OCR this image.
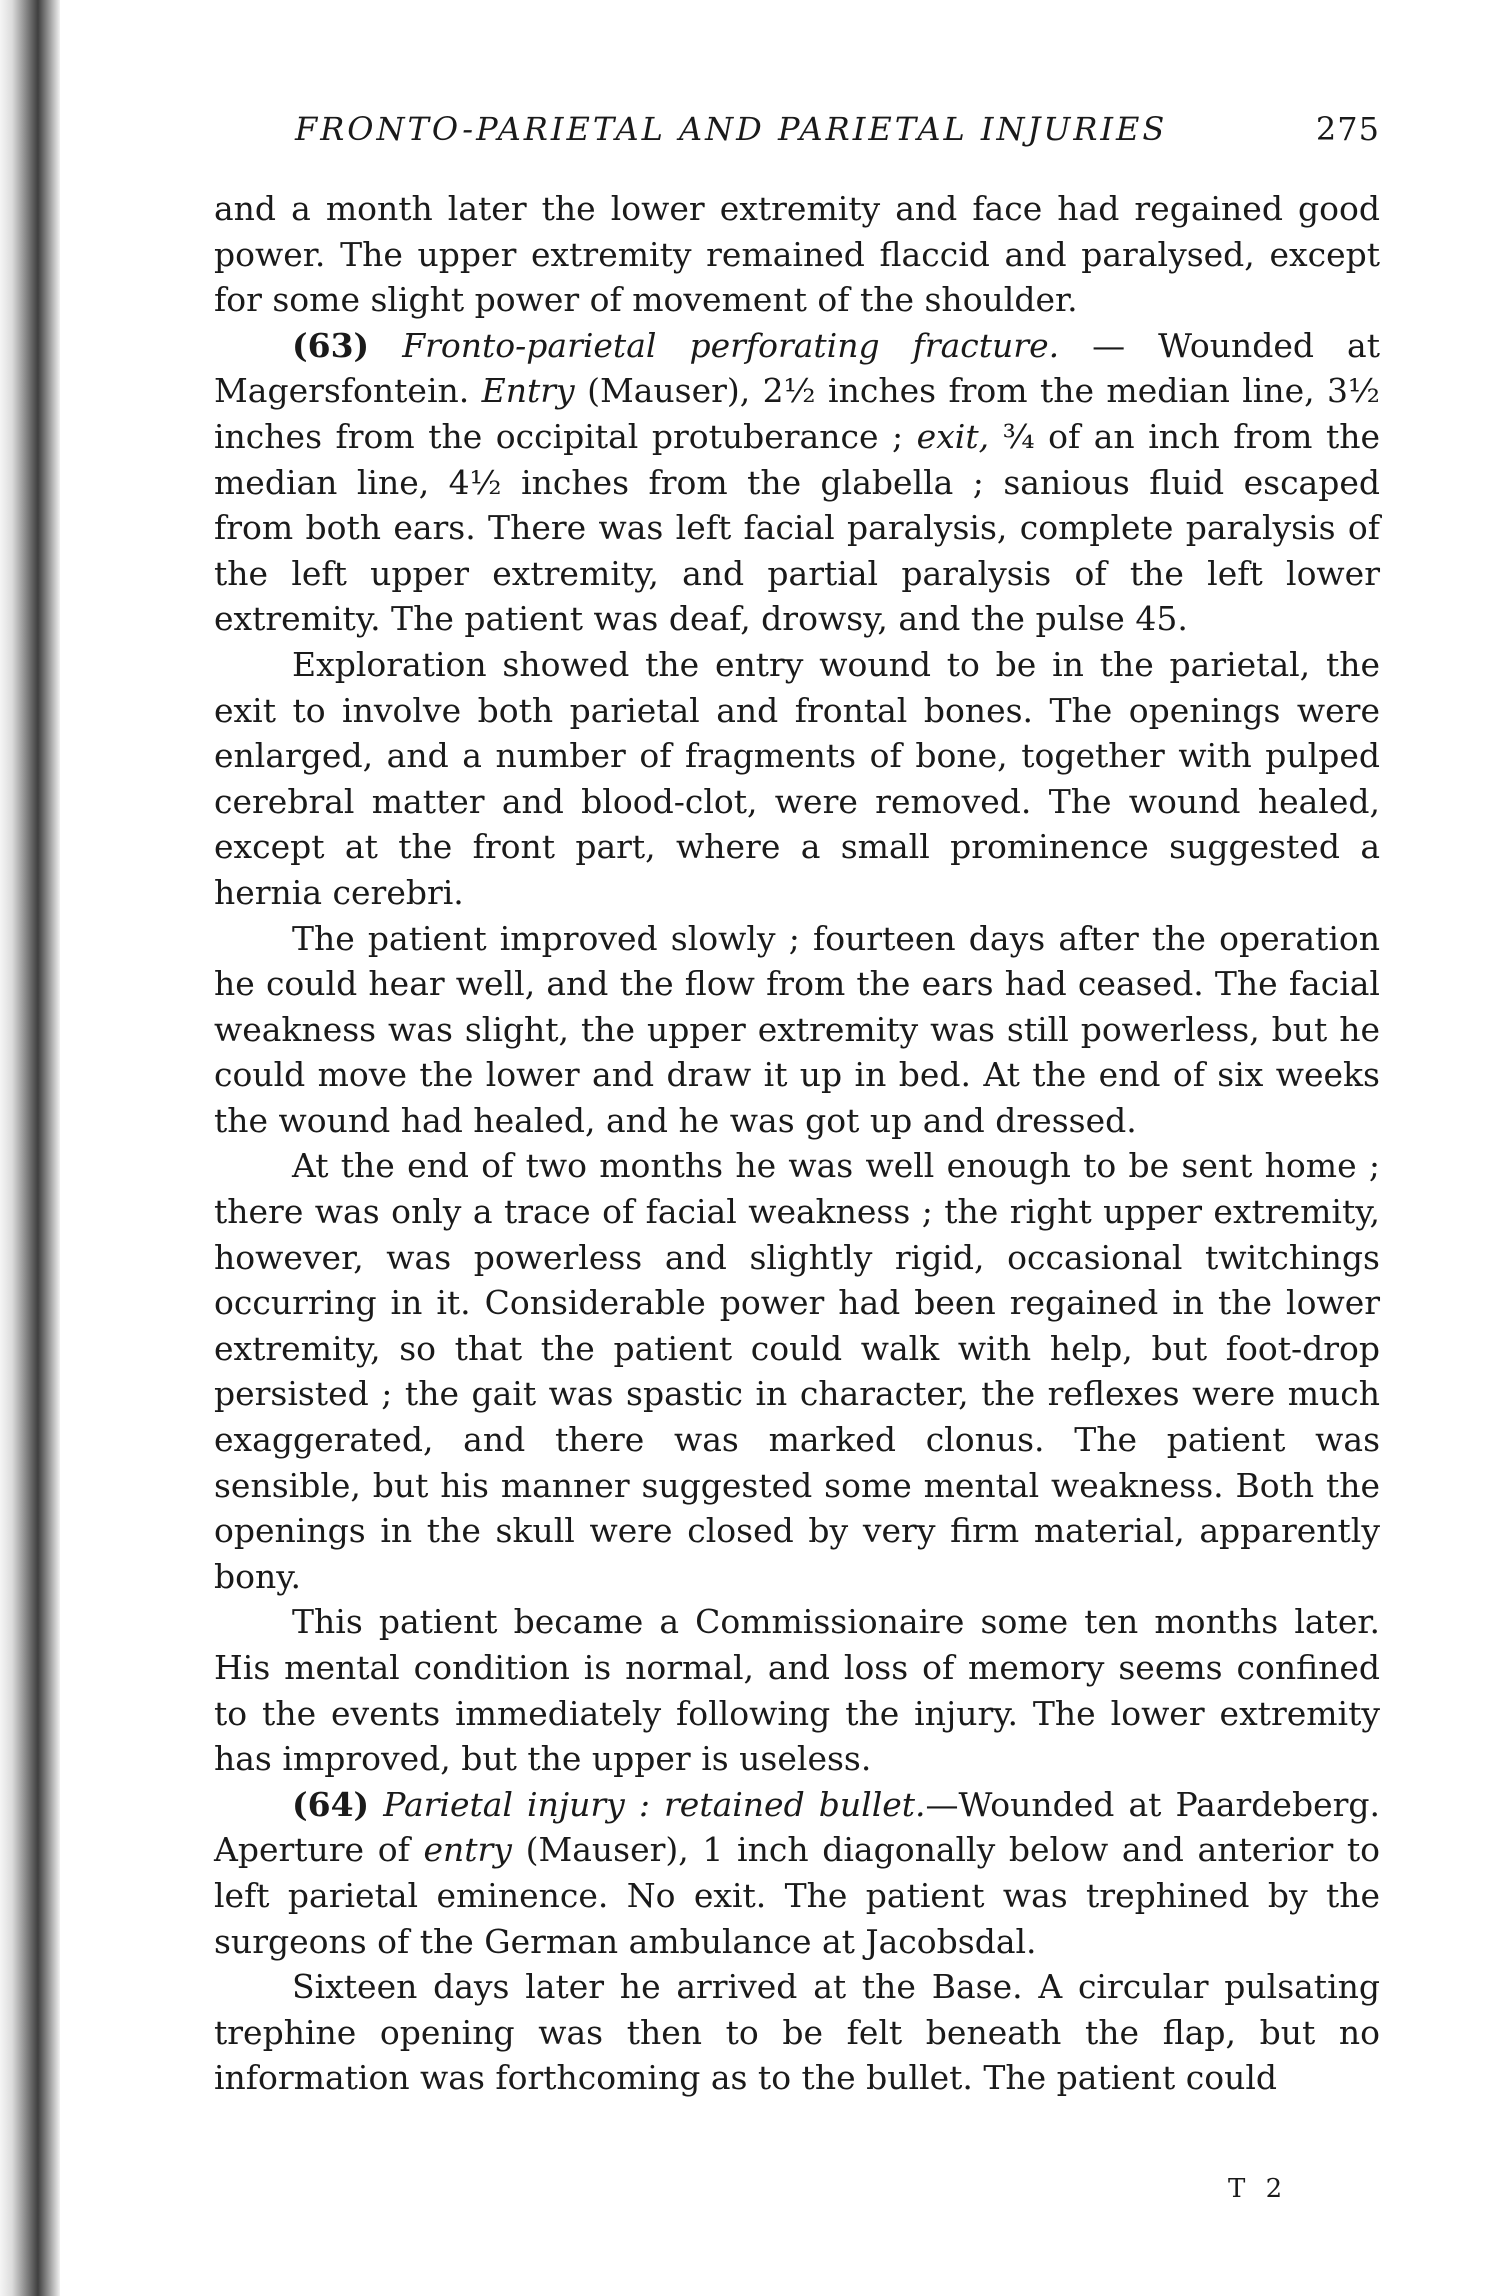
FRONTO-PARIETAL AND PARIETAL INJURIES	275

and a month later the lower extremity and face had regained good power. The upper extremity remained flaccid and paralysed, except for some slight power of movement of the shoulder.

(63) Fronto-parietal perforating fracture. — Wounded at Magersfontein. Entry (Mauser), 2½ inches from the median line, 3½ inches from the occipital protuberance ; exit, ¾ of an inch from the median line, 4½ inches from the glabella ; sanious fluid escaped from both ears. There was left facial paralysis, complete paralysis of the left upper extremity, and partial paralysis of the left lower extremity. The patient was deaf, drowsy, and the pulse 45.

Exploration showed the entry wound to be in the parietal, the exit to involve both parietal and frontal bones. The openings were enlarged, and a number of fragments of bone, together with pulped cerebral matter and blood-clot, were removed. The wound healed, except at the front part, where a small prominence suggested a hernia cerebri.

The patient improved slowly ; fourteen days after the operation he could hear well, and the flow from the ears had ceased. The facial weakness was slight, the upper extremity was still powerless, but he could move the lower and draw it up in bed. At the end of six weeks the wound had healed, and he was got up and dressed.

At the end of two months he was well enough to be sent home ; there was only a trace of facial weakness ; the right upper extremity, however, was powerless and slightly rigid, occasional twitchings occurring in it. Considerable power had been regained in the lower extremity, so that the patient could walk with help, but foot-drop persisted ; the gait was spastic in character, the reflexes were much exaggerated, and there was marked clonus. The patient was sensible, but his manner suggested some mental weakness. Both the openings in the skull were closed by very firm material, apparently bony.

This patient became a Commissionaire some ten months later. His mental condition is normal, and loss of memory seems confined to the events immediately following the injury. The lower extremity has improved, but the upper is useless.

(64) Parietal injury : retained bullet.—Wounded at Paardeberg. Aperture of entry (Mauser), 1 inch diagonally below and anterior to left parietal eminence. No exit. The patient was trephined by the surgeons of the German ambulance at Jacobsdal.

Sixteen days later he arrived at the Base. A circular pulsating trephine opening was then to be felt beneath the flap, but no information was forthcoming as to the bullet. The patient could

T 2
